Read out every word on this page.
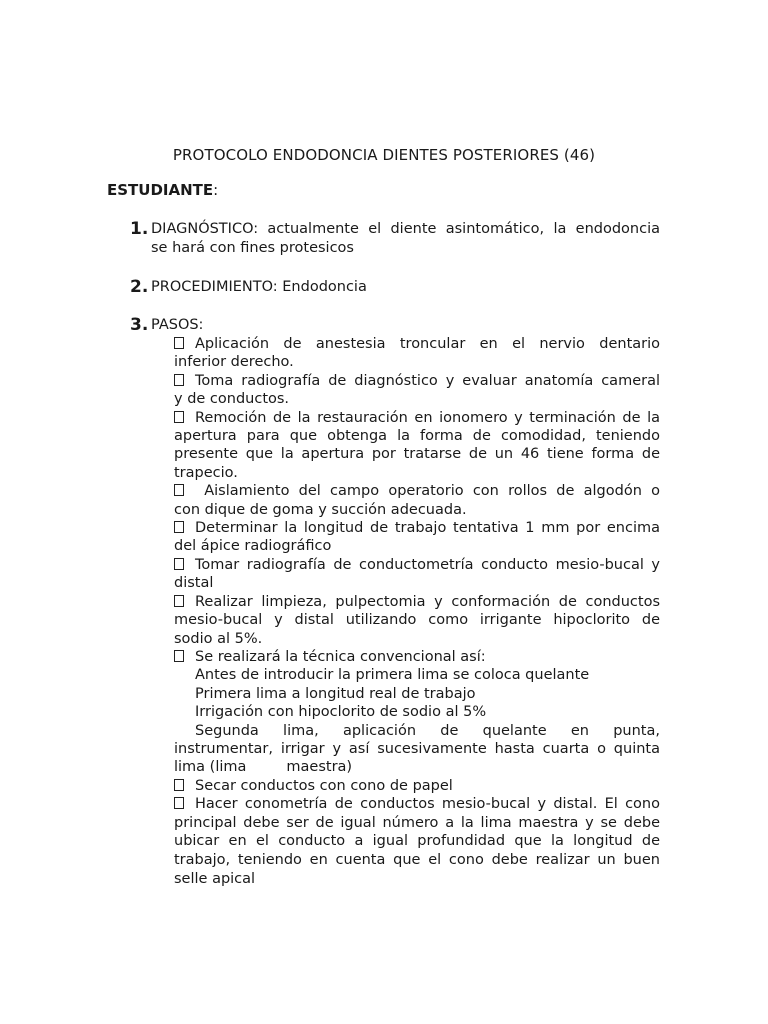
PROTOCOLO ENDODONCIA DIENTES POSTERIORES (46)
ESTUDIANTE:
1. DIAGNÓSTICO: actualmente el diente asintomático, la endodoncia
se hará con fines protesicos
2. PROCEDIMIENTO: Endodoncia
3. PASOS:
Aplicación de anestesia troncular en el nervio dentario
inferior derecho.
Toma radiografía de diagnóstico y evaluar anatomía cameral
y de conductos.
Remoción de la restauración en ionomero y terminación de la
apertura para que obtenga la forma de comodidad, teniendo
presente que la apertura por tratarse de un 46 tiene forma de
trapecio.
Aislamiento del campo operatorio con rollos de algodón o
con dique de goma y succión adecuada.
Determinar la longitud de trabajo tentativa 1 mm por encima
del ápice radiográfico
Tomar radiografía de conductometría conducto mesio-bucal y
distal
Realizar limpieza, pulpectomia y conformación de conductos
mesio-bucal y distal utilizando como irrigante hipoclorito de
sodio al 5%.
Se realizará la técnica convencional así:
Antes de introducir la primera lima se coloca quelante
Primera lima a longitud real de trabajo
Irrigación con hipoclorito de sodio al 5%
Segunda lima, aplicación de quelante en punta,
instrumentar, irrigar y así sucesivamente hasta cuarta o quinta
lima (lima	maestra)
Secar conductos con cono de papel
Hacer conometría de conductos mesio-bucal y distal. El cono
principal debe ser de igual número a la lima maestra y se debe
ubicar en el conducto a igual profundidad que la longitud de
trabajo, teniendo en cuenta que el cono debe realizar un buen
selle apical
